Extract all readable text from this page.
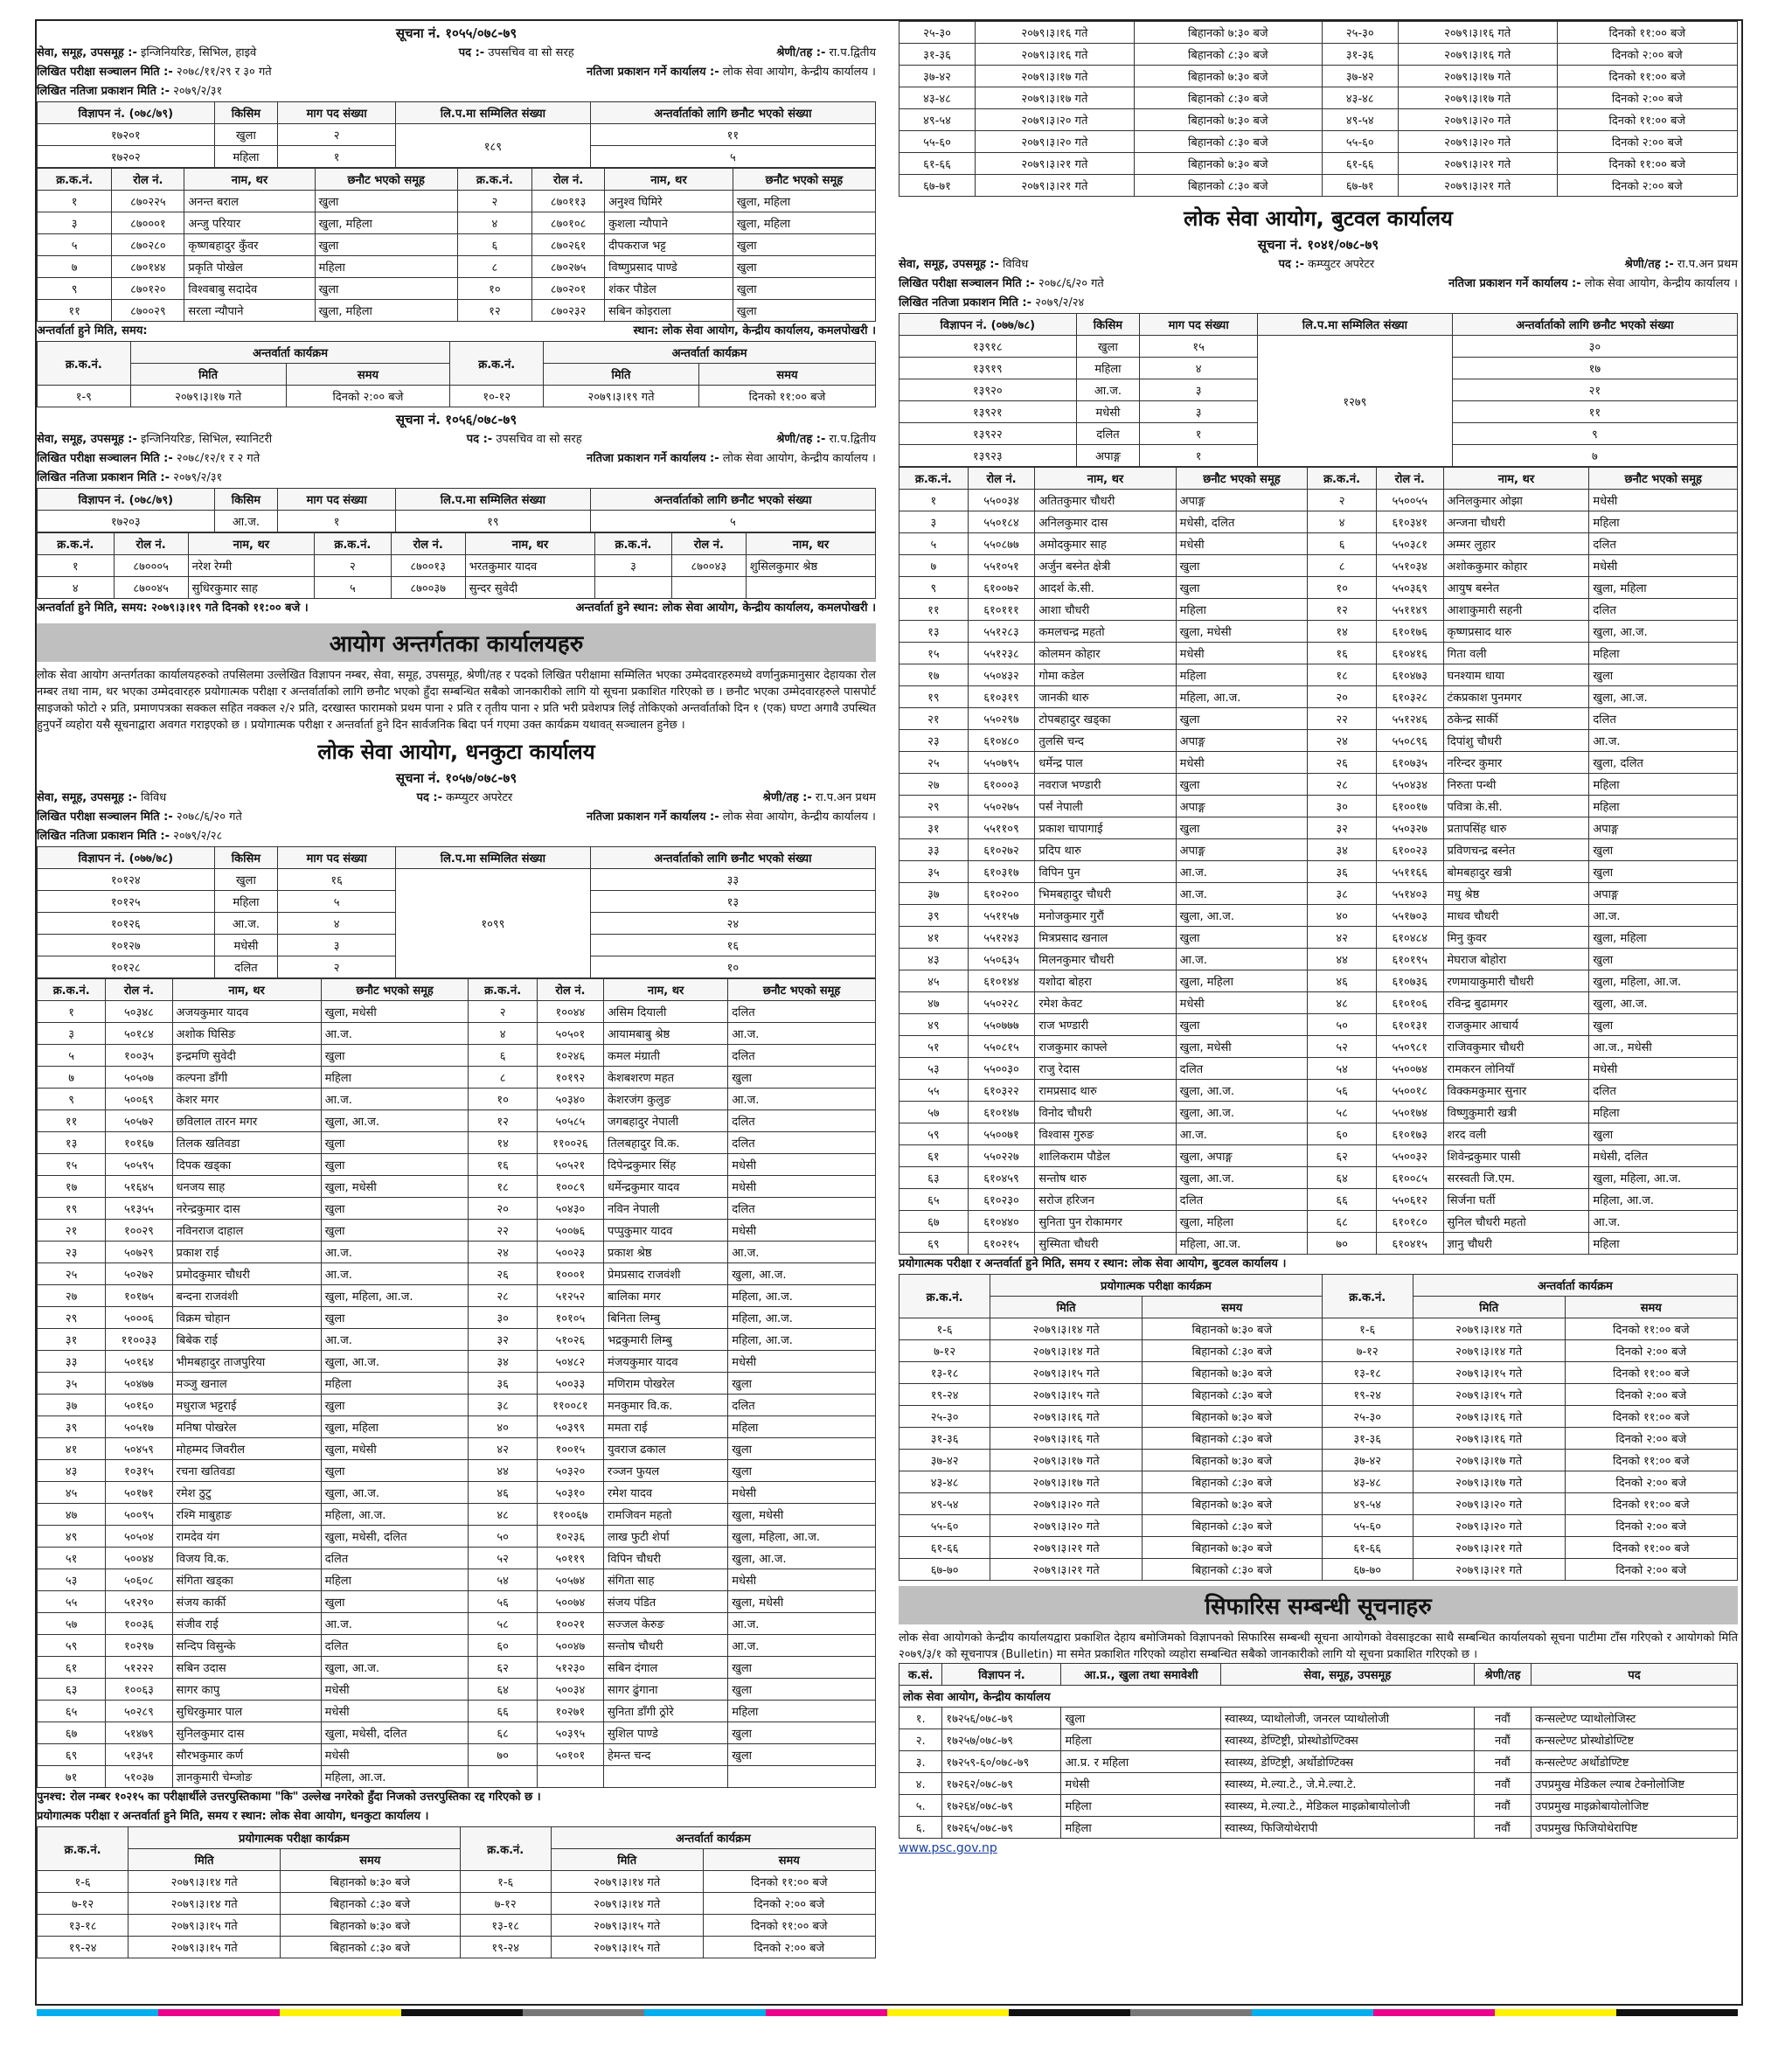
सूचना नं. १०५५/०७८-७९
सेवा, समूह, उपसमूह :- इन्जिनियरिङ, सिभिल, हाइवे	पद :- उपसचिव वा सो सरह	श्रेणी/तह :- रा.प.द्वितीय
लिखित परीक्षा सञ्चालन मिति :- २०७८/११/२९ र ३० गते	नतिजा प्रकाशन गर्ने कार्यालय :- लोक सेवा आयोग, केन्द्रीय कार्यालय ।
लिखित नतिजा प्रकाशन मिति :- २०७९/२/३१
विज्ञापन नं. (०७८/७९)	किसिम	माग पद संख्या	लि.प.मा सम्मिलित संख्या	अन्तर्वार्ताको लागि छनौट भएको संख्या
१७२०१	खुला	२	१८९	११
१७२०२	महिला	१		५
क्र.क.नं.	रोल नं.	नाम, थर	छनौट भएको समूह	क्र.क.नं.	रोल नं.	नाम, थर	छनौट भएको समूह
१	८७०२२५	अनन्त बराल	खुला	२	८७०११३	अनुश्व घिमिरे	खुला, महिला
३	८७०००१	अन्जु परियार	खुला, महिला	४	८७०१०८	कुशला न्यौपाने	खुला, महिला
५	८७०२८०	कृष्णबहादुर कुँवर	खुला	६	८७०२६१	दीपकराज भट्ट	खुला
७	८७०१४४	प्रकृति पोखेल	महिला	८	८७०२७५	विष्णुप्रसाद पाण्डे	खुला
९	८७०१२०	विश्वबाबु सदादेव	खुला	१०	८७०२०१	शंकर पौडेल	खुला
११	८७००२९	सरला न्यौपाने	खुला, महिला	१२	८७०२३२	सबिन कोइराला	खुला
अन्तर्वार्ता हुने मिति, समय:	स्थान: लोक सेवा आयोग, केन्द्रीय कार्यालय, कमलपोखरी ।
क्र.क.नं.	अन्तर्वार्ता कार्यक्रम		क्र.क.नं.	अन्तर्वार्ता कार्यक्रम	
	मिति	समय		मिति	समय
१-९	२०७९।३।१७ गते	दिनको २:०० बजे	१०-१२	२०७९।३।१९ गते	दिनको ११:०० बजे
सूचना नं. १०५६/०७८-७९
सेवा, समूह, उपसमूह :- इन्जिनियरिङ, सिभिल, स्यानिटरी	पद :- उपसचिव वा सो सरह	श्रेणी/तह :- रा.प.द्वितीय
लिखित परीक्षा सञ्चालन मिति :- २०७८/१२/१ र २ गते	नतिजा प्रकाशन गर्ने कार्यालय :- लोक सेवा आयोग, केन्द्रीय कार्यालय ।
लिखित नतिजा प्रकाशन मिति :- २०७९/२/३१
विज्ञापन नं. (०७८/७९)	किसिम	माग पद संख्या	लि.प.मा सम्मिलित संख्या	अन्तर्वार्ताको लागि छनौट भएको संख्या
१७२०३	आ.ज.	१	१९	५
क्र.क.नं.	रोल नं.	नाम, थर	क्र.क.नं.	रोल नं.	नाम, थर	क्र.क.नं.	रोल नं.	नाम, थर
१	८७०००५	नरेश रेग्मी	२	८७००१३	भरतकुमार यादव	३	८७००४३	शुसिलकुमार श्रेष्ठ
४	८७००४५	सुधिरकुमार साह	५	८७००३७	सुन्दर सुवेदी			
अन्तर्वार्ता हुने मिति, समय: २०७९।३।१९ गते दिनको ११:०० बजे ।	अन्तर्वार्ता हुने स्थान: लोक सेवा आयोग, केन्द्रीय कार्यालय, कमलपोखरी ।
आयोग अन्तर्गतका कार्यालयहरु
लोक सेवा आयोग अन्तर्गतका कार्यालयहरुको तपसिलमा उल्लेखित विज्ञापन नम्बर, सेवा, समूह, उपसमूह, श्रेणी/तह र पदको लिखित परीक्षामा सम्मिलित भएका उम्मेदवारहरुमध्ये वर्णानुक्रमानुसार देहायका रोल नम्बर तथा नाम, थर भएका उम्मेदवारहरु प्रयोगात्मक परीक्षा र अन्तर्वार्ताको लागि छनौट भएको हुँदा सम्बन्धित सबैको जानकारीको लागि यो सूचना प्रकाशित गरिएको छ । छनौट भएका उम्मेदवारहरुले पासपोर्ट साइजको फोटो २ प्रति, प्रमाणपत्रका सक्कल सहित नक्कल २/२ प्रति, दरखास्त फारामको प्रथम पाना २ प्रति र तृतीय पाना २ प्रति भरी प्रवेशपत्र लिई तोकिएको अन्तर्वार्ताको दिन १ (एक) घण्टा अगावै उपस्थित हुनुपर्ने व्यहोरा यसै सूचनाद्वारा अवगत गराइएको छ । प्रयोगात्मक परीक्षा र अन्तर्वार्ता हुने दिन सार्वजनिक बिदा पर्न गएमा उक्त कार्यक्रम यथावत् सञ्चालन हुनेछ ।
लोक सेवा आयोग, धनकुटा कार्यालय
सूचना नं. १०५७/०७८-७९
सेवा, समूह, उपसमूह :- विविध	पद :- कम्प्युटर अपरेटर	श्रेणी/तह :- रा.प.अन प्रथम
लिखित परीक्षा सञ्चालन मिति :- २०७८/६/२० गते	नतिजा प्रकाशन गर्ने कार्यालय :- लोक सेवा आयोग, केन्द्रीय कार्यालय ।
लिखित नतिजा प्रकाशन मिति :- २०७९/२/२८
विज्ञापन नं. (०७७/७८)	किसिम	माग पद संख्या	लि.प.मा सम्मिलित संख्या	अन्तर्वार्ताको लागि छनौट भएको संख्या
१०१२४	खुला	१६	१०९९	३३
१०१२५	महिला	५		१३
१०१२६	आ.ज.	४		२४
१०१२७	मधेसी	३		१६
१०१२८	दलित	२		१०
क्र.क.नं.	रोल नं.	नाम, थर	छनौट भएको समूह	क्र.क.नं.	रोल नं.	नाम, थर	छनौट भएको समूह
१	५०३४८	अजयकुमार यादव	खुला, मधेसी	२	१००४४	असिम दियाली	दलित
३	५०१८४	अशोक घिसिङ	आ.ज.	४	५०५०१	आयामबाबु श्रेष्ठ	आ.ज.
५	१००३५	इन्द्रमणि सुवेदी	खुला	६	१०२४६	कमल मंग्राती	दलित
७	५०५०७	कल्पना डाँगी	महिला	८	१०१९२	केशबशरण महत	खुला
९	५००६९	केशर मगर	आ.ज.	१०	५०३४०	केशरजंग कुलुङ	आ.ज.
११	५०५७२	छविलाल तारन मगर	खुला, आ.ज.	१२	५०५८५	जगबहादुर नेपाली	दलित
१३	१०१६७	तिलक खतिवडा	खुला	१४	११००२६	तिलबहादुर वि.क.	दलित
१५	५०५९५	दिपक खड्का	खुला	१६	५०५२१	दिपेन्द्रकुमार सिंह	मधेसी
१७	५१६४५	धनजय साह	खुला, मधेसी	१८	१००८९	धर्मेन्द्रकुमार यादव	मधेसी
१९	५१३५५	नरेन्द्रकुमार दास	खुला	२०	५०४३०	नविन नेपाली	दलित
२१	१००२९	नविनराज दाहाल	खुला	२२	५००७६	पप्पुकुमार यादव	मधेसी
२३	५०७२९	प्रकाश राई	आ.ज.	२४	५००२३	प्रकाश श्रेष्ठ	आ.ज.
२५	५०२७२	प्रमोदकुमार चौधरी	आ.ज.	२६	१०००१	प्रेमप्रसाद राजवंशी	खुला, आ.ज.
२७	१०१७५	बन्दना राजवंशी	खुला, महिला, आ.ज.	२८	५१२५२	बालिका मगर	महिला, आ.ज.
२९	५०००६	विक्रम चोहान	खुला	३०	१०१०५	बिनिता लिम्बु	महिला, आ.ज.
३१	११००३३	बिबेक राई	आ.ज.	३२	५१०२६	भद्रकुमारी लिम्बु	महिला, आ.ज.
३३	५०१६४	भीमबहादुर ताजपुरिया	खुला, आ.ज.	३४	५०४८२	मंजयकुमार यादव	मधेसी
३५	५०४७७	मञ्जु खनाल	महिला	३६	५००३३	मणिराम पोखरेल	खुला
३७	५०१६०	मधुराज भट्टराई	खुला	३८	११००८१	मनकुमार वि.क.	दलित
३९	५०५१७	मनिषा पोखरेल	खुला, महिला	४०	५०३९९	ममता राई	महिला
४१	५०४५९	मोहम्मद जिवरील	खुला, मधेसी	४२	१००१५	युवराज ढकाल	खुला
४३	१०३१५	रचना खतिवडा	खुला	४४	५०३२०	रञ्जन फुयल	खुला
४५	५०१७१	रमेश ठुटु	खुला, आ.ज.	४६	५०३१०	रमेश यादव	मधेसी
४७	५००९५	रश्मि माबुहाङ	महिला, आ.ज.	४८	११००६७	रामजिवन महतो	खुला, मधेसी
४९	५०५०४	रामदेव यंग	खुला, मधेसी, दलित	५०	१०२३६	लाख फुटी शेर्पा	खुला, महिला, आ.ज.
५१	५००४४	विजय वि.क.	दलित	५२	५०११९	विपिन चौधरी	खुला, आ.ज.
५३	५०६०८	संगिता खड्का	महिला	५४	५०५७४	संगिता साह	मधेसी
५५	५१२९०	संजय कार्की	खुला	५६	५००७४	संजय पंडित	खुला, मधेसी
५७	१००३६	संजीव राई	आ.ज.	५८	१००२१	सज्जल केरुङ	आ.ज.
५९	१०२९७	सन्दिप विसुन्के	दलित	६०	५००४७	सन्तोष चौधरी	आ.ज.
६१	५१२२२	सबिन उदास	खुला, आ.ज.	६२	५१२३०	सबिन दंगाल	खुला
६३	१००६३	सागर कापु	मधेसी	६४	५००३४	सागर ढुंगाना	खुला
६५	५०२८९	सुधिरकुमार पाल	मधेसी	६६	१०२७१	सुनिता डाँगी ठ्रोरे	महिला
६७	५१४७९	सुनिलकुमार दास	खुला, मधेसी, दलित	६८	५०३९५	सुशिल पाण्डे	खुला
६९	५१३५१	सौरभकुमार कर्ण	मधेसी	७०	५०१०१	हेमन्त चन्द	खुला
७१	५१०३७	ज्ञानकुमारी चेम्जोङ	महिला, आ.ज.				
पुनश्च: रोल नम्बर १०२१५ का परीक्षार्थीले उत्तरपुस्तिकामा "कि" उल्लेख नगरेको हुँदा निजको उत्तरपुस्तिका रद्द गरिएको छ ।
प्रयोगात्मक परीक्षा र अन्तर्वार्ता हुने मिति, समय र स्थान: लोक सेवा आयोग, धनकुटा कार्यालय ।
क्र.क.नं.	प्रयोगात्मक परीक्षा कार्यक्रम		क्र.क.नं.	अन्तर्वार्ता कार्यक्रम	
	मिति	समय		मिति	समय
१-६	२०७९।३।१४ गते	बिहानको ७:३० बजे	१-६	२०७९।३।१४ गते	दिनको ११:०० बजे
७-१२	२०७९।३।१४ गते	बिहानको ८:३० बजे	७-१२	२०७९।३।१४ गते	दिनको २:०० बजे
१३-१८	२०७९।३।१५ गते	बिहानको ७:३० बजे	१३-१८	२०७९।३।१५ गते	दिनको ११:०० बजे
१९-२४	२०७९।३।१५ गते	बिहानको ८:३० बजे	१९-२४	२०७९।३।१५ गते	दिनको २:०० बजे
२५-३०	२०७९।३।१६ गते	बिहानको ७:३० बजे	२५-३०	२०७९।३।१६ गते	दिनको ११:०० बजे
३१-३६	२०७९।३।१६ गते	बिहानको ८:३० बजे	३१-३६	२०७९।३।१६ गते	दिनको २:०० बजे
३७-४२	२०७९।३।१७ गते	बिहानको ७:३० बजे	३७-४२	२०७९।३।१७ गते	दिनको ११:०० बजे
४३-४८	२०७९।३।१७ गते	बिहानको ८:३० बजे	४३-४८	२०७९।३।१७ गते	दिनको २:०० बजे
४९-५४	२०७९।३।२० गते	बिहानको ७:३० बजे	४९-५४	२०७९।३।२० गते	दिनको ११:०० बजे
५५-६०	२०७९।३।२० गते	बिहानको ८:३० बजे	५५-६०	२०७९।३।२० गते	दिनको २:०० बजे
६१-६६	२०७९।३।२१ गते	बिहानको ७:३० बजे	६१-६६	२०७९।३।२१ गते	दिनको ११:०० बजे
६७-७१	२०७९।३।२१ गते	बिहानको ८:३० बजे	६७-७१	२०७९।३।२१ गते	दिनको २:०० बजे
लोक सेवा आयोग, बुटवल कार्यालय
सूचना नं. १०४१/०७८-७९
सेवा, समूह, उपसमूह :- विविध	पद :- कम्प्युटर अपरेटर	श्रेणी/तह :- रा.प.अन प्रथम
लिखित परीक्षा सञ्चालन मिति :- २०७८/६/२० गते	नतिजा प्रकाशन गर्ने कार्यालय :- लोक सेवा आयोग, केन्द्रीय कार्यालय ।
लिखित नतिजा प्रकाशन मिति :- २०७९/२/२४
विज्ञापन नं. (०७७/७८)	किसिम	माग पद संख्या	लि.प.मा सम्मिलित संख्या	अन्तर्वार्ताको लागि छनौट भएको संख्या
१३९१८	खुला	१५	१२७९	३०
१३९१९	महिला	४		१७
१३९२०	आ.ज.	३		२१
१३९२१	मधेसी	३		११
१३९२२	दलित	१		९
१३९२३	अपाङ्ग	१		७
क्र.क.नं.	रोल नं.	नाम, थर	छनौट भएको समूह	क्र.क.नं.	रोल नं.	नाम, थर	छनौट भएको समूह
१	५५००३४	अतितकुमार चौधरी	अपाङ्ग	२	५५००५५	अनिलकुमार ओझा	मधेसी
३	५५०१८४	अनिलकुमार दास	मधेसी, दलित	४	६१०३४१	अन्जना चौधरी	महिला
५	५५०८७७	अमोदकुमार साह	मधेसी	६	५५०३८१	अम्मर लुहार	दलित
७	५५१०५१	अर्जुन बस्नेत क्षेत्री	खुला	८	५५१०३४	अशोककुमार कोहार	मधेसी
९	६१००७२	आदर्श के.सी.	खुला	१०	५५०३६९	आयुष बस्नेत	खुला, महिला
११	६१०१११	आशा चौधरी	महिला	१२	५५११४९	आशाकुमारी सहनी	दलित
१३	५५१२८३	कमलचन्द्र महतो	खुला, मधेसी	१४	६१०१७६	कृष्णप्रसाद थारु	खुला, आ.ज.
१५	५५१२३८	कोलमन कोहार	मधेसी	१६	६१०४१६	गिता वली	महिला
१७	५५०४३२	गोमा कडेल	महिला	१८	६१०४७३	घनश्याम धाया	खुला
१९	६१०३१९	जानकी थारु	महिला, आ.ज.	२०	६१०३२८	टंकप्रकाश पुनमगर	खुला, आ.ज.
२१	५५०२९७	टोपबहादुर खड्का	खुला	२२	५५१२४६	ठकेन्द्र सार्की	दलित
२३	६१०४८०	तुलसि चन्द	अपाङ्ग	२४	५५०८९६	दिपांशु चौधरी	आ.ज.
२५	५५०७९५	धर्मेन्द्र पाल	मधेसी	२६	६१०७३५	नरिन्दर कुमार	खुला, दलित
२७	६१०००३	नवराज भण्डारी	खुला	२८	५५०४३४	निरुता पन्थी	महिला
२९	५५०२७५	पर्सं नेपाली	अपाङ्ग	३०	६१००१७	पवित्रा के.सी.	महिला
३१	५५११०९	प्रकाश चापागाई	खुला	३२	५५०३२७	प्रतापसिंह धारु	अपाङ्ग
३३	६१०२७२	प्रदिप थारु	अपाङ्ग	३४	६१००२३	प्रविणचन्द्र बस्नेत	खुला
३५	६१०३१७	विपिन पुन	आ.ज.	३६	५५११६६	बोमबहादुर खत्री	खुला
३७	६१०२००	भिमबहादुर चौधरी	आ.ज.	३८	५५१४०३	मधु श्रेष्ठ	अपाङ्ग
३९	५५११५७	मनोजकुमार गुरौं	खुला, आ.ज.	४०	५५१७०३	माधव चौधरी	आ.ज.
४१	५५१२४३	मित्रप्रसाद खनाल	खुला	४२	६१०४८४	मिनु कुवर	खुला, महिला
४३	५५०६३५	मिलनकुमार चौधरी	आ.ज.	४४	६१०१९५	मेघराज बोहोरा	खुला
४५	६१०१४४	यशोदा बोहरा	खुला, महिला	४६	६१०७३६	रणमायाकुमारी चौधरी	खुला, महिला, आ.ज.
४७	५५०२२८	रमेश केवट	मधेसी	४८	६१०१०६	रविन्द्र बुढामगर	खुला, आ.ज.
४९	५५०७७७	राज भण्डारी	खुला	५०	६१०१३१	राजकुमार आचार्य	खुला
५१	५५०८१५	राजकुमार काफ्ले	खुला, मधेसी	५२	५५०९८१	राजिवकुमार चौधरी	आ.ज., मधेसी
५३	५५००३०	राजु रेदास	दलित	५४	५५००७४	रामकरन लोनियाँ	मधेसी
५५	६१०३२२	रामप्रसाद थारु	खुला, आ.ज.	५६	५५००१८	विक्कमकुमार सुनार	दलित
५७	६१०१४७	विनोद चौधरी	खुला, आ.ज.	५८	५५०१७४	विष्णुकुमारी खत्री	महिला
५९	५५००७१	विश्वास गुरुङ	आ.ज.	६०	६१०१७३	शरद वली	खुला
६१	५५०२२७	शालिकराम पौडेल	खुला, अपाङ्ग	६२	५५००३२	शिवेन्द्रकुमार पासी	मधेसी, दलित
६३	६१०४५९	सन्तोष थारु	खुला, आ.ज.	६४	६१००८५	सरस्वती जि.एम.	खुला, महिला, आ.ज.
६५	६१०२३०	सरोज हरिजन	दलित	६६	५५०६१२	सिर्जना घर्ती	महिला, आ.ज.
६७	६१०४४०	सुनिता पुन रोकामगर	खुला, महिला	६८	६१०१८०	सुनिल चौधरी महतो	आ.ज.
६९	६१०२१५	सुस्मिता चौधरी	महिला, आ.ज.	७०	६१०४१५	ज्ञानु चौधरी	महिला
प्रयोगात्मक परीक्षा र अन्तर्वार्ता हुने मिति, समय र स्थान: लोक सेवा आयोग, बुटवल कार्यालय ।
क्र.क.नं.	प्रयोगात्मक परीक्षा कार्यक्रम		क्र.क.नं.	अन्तर्वार्ता कार्यक्रम	
	मिति	समय		मिति	समय
१-६	२०७९।३।१४ गते	बिहानको ७:३० बजे	१-६	२०७९।३।१४ गते	दिनको ११:०० बजे
७-१२	२०७९।३।१४ गते	बिहानको ८:३० बजे	७-१२	२०७९।३।१४ गते	दिनको २:०० बजे
१३-१८	२०७९।३।१५ गते	बिहानको ७:३० बजे	१३-१८	२०७९।३।१५ गते	दिनको ११:०० बजे
१९-२४	२०७९।३।१५ गते	बिहानको ८:३० बजे	१९-२४	२०७९।३।१५ गते	दिनको २:०० बजे
२५-३०	२०७९।३।१६ गते	बिहानको ७:३० बजे	२५-३०	२०७९।३।१६ गते	दिनको ११:०० बजे
३१-३६	२०७९।३।१६ गते	बिहानको ८:३० बजे	३१-३६	२०७९।३।१६ गते	दिनको २:०० बजे
३७-४२	२०७९।३।१७ गते	बिहानको ७:३० बजे	३७-४२	२०७९।३।१७ गते	दिनको ११:०० बजे
४३-४८	२०७९।३।१७ गते	बिहानको ८:३० बजे	४३-४८	२०७९।३।१७ गते	दिनको २:०० बजे
४९-५४	२०७९।३।२० गते	बिहानको ७:३० बजे	४९-५४	२०७९।३।२० गते	दिनको ११:०० बजे
५५-६०	२०७९।३।२० गते	बिहानको ८:३० बजे	५५-६०	२०७९।३।२० गते	दिनको २:०० बजे
६१-६६	२०७९।३।२१ गते	बिहानको ७:३० बजे	६१-६६	२०७९।३।२१ गते	दिनको ११:०० बजे
६७-७०	२०७९।३।२१ गते	बिहानको ८:३० बजे	६७-७०	२०७९।३।२१ गते	दिनको २:०० बजे
सिफारिस सम्बन्धी सूचनाहरु
लोक सेवा आयोगको केन्द्रीय कार्यालयद्वारा प्रकाशित देहाय बमोजिमको विज्ञापनको सिफारिस सम्बन्धी सूचना आयोगको वेवसाइटका साथै सम्बन्धित कार्यालयको सूचना पाटीमा टाँस गरिएको र आयोगको मिति २०७९/३/१ को सूचनापत्र (Bulletin) मा समेत प्रकाशित गरिएको व्यहोरा सम्बन्धित सबैको जानकारीको लागि यो सूचना प्रकाशित गरिएको छ ।
क.सं.	विज्ञापन नं.	आ.प्र., खुला तथा समावेशी	सेवा, समूह, उपसमूह	श्रेणी/तह	पद
लोक सेवा आयोग, केन्द्रीय कार्यालय					
१.	१७२५६/०७८-७९	खुला	स्वास्थ्य, प्याथोलोजी, जनरल प्याथोलोजी	नवौं	कन्सल्टेण्ट प्याथोलोजिस्ट
२.	१७२५७/०७८-७९	महिला	स्वास्थ्य, डेण्टिष्ट्री, प्रोस्थोडोण्टिक्स	नवौं	कन्सल्टेण्ट प्रोस्थोडोण्टिष्ट
३.	१७२५९-६०/०७८-७९	आ.प्र. र महिला	स्वास्थ्य, डेण्टिष्ट्री, अर्थोडोण्टिक्स	नवौं	कन्सल्टेण्ट अर्थोडोण्टिष्ट
४.	१७२६२/०७८-७९	मधेसी	स्वास्थ्य, मे.ल्या.टे., जे.मे.ल्या.टे.	नवौं	उपप्रमुख मेडिकल ल्याब टेक्नोलोजिष्ट
५.	१७२६४/०७८-७९	महिला	स्वास्थ्य, मे.ल्या.टे., मेडिकल माइक्रोबायोलोजी	नवौं	उपप्रमुख माइक्रोबायोलोजिष्ट
६.	१७२६५/०७८-७९	महिला	स्वास्थ्य, फिजियोथेरापी	नवौं	उपप्रमुख फिजियोथेरापिष्ट
www.psc.gov.np
